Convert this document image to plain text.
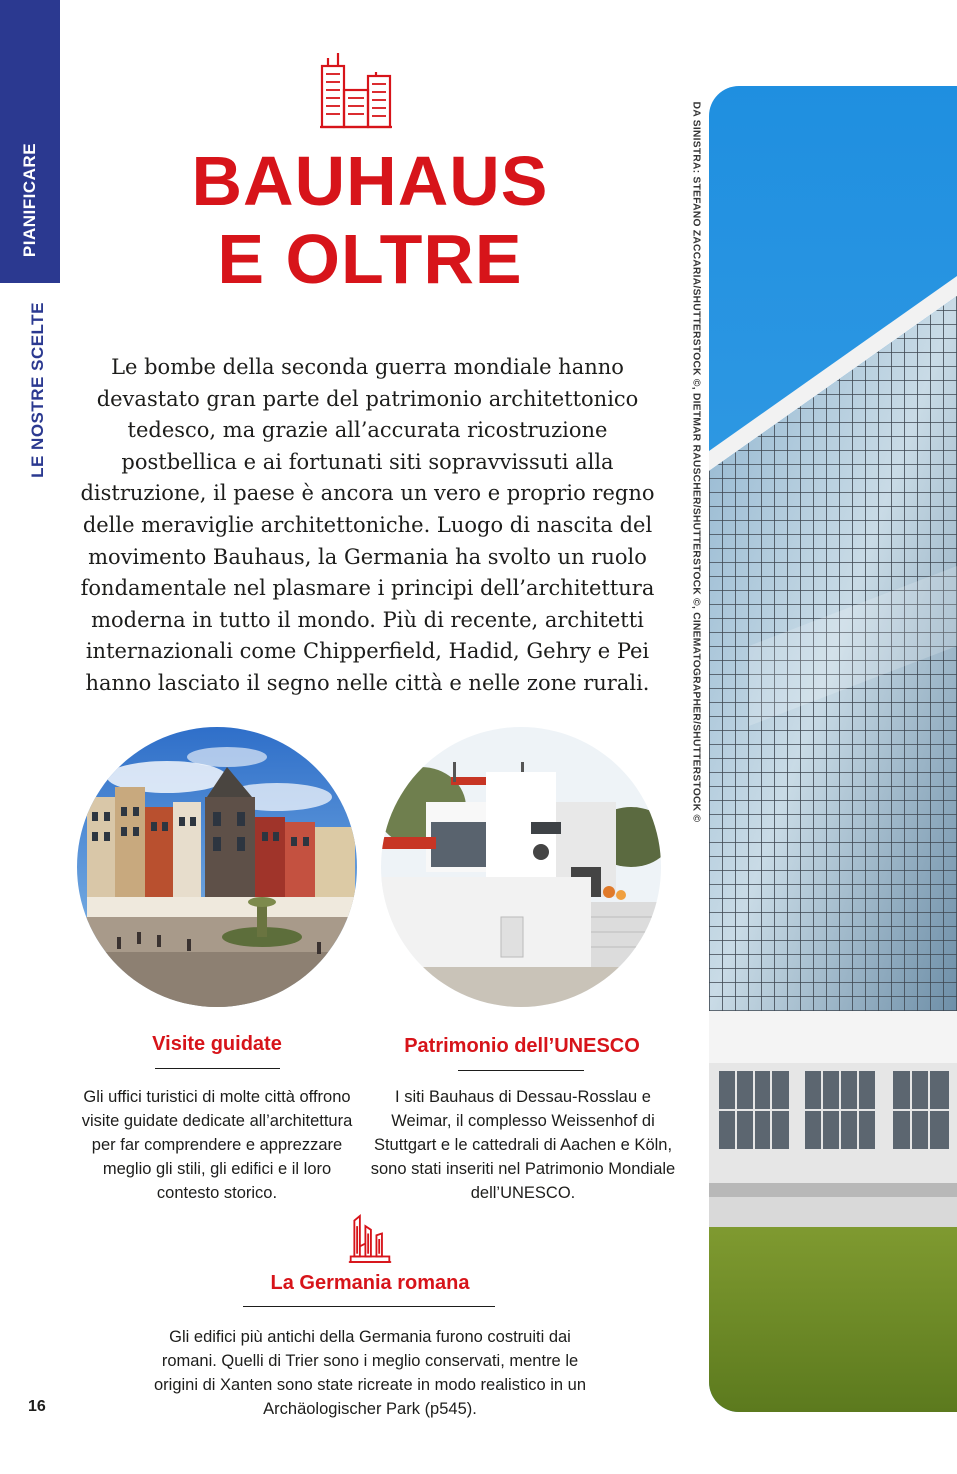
PIANIFICARE
LE NOSTRE SCELTE
BAUHAUS
E OLTRE
Le bombe della seconda guerra mondiale hanno devastato gran parte del patrimonio architettonico tedesco, ma grazie all’accurata ricostruzione postbellica e ai fortunati siti sopravvissuti alla distruzione, il paese è ancora un vero e proprio regno delle meraviglie architettoniche. Luogo di nascita del movimento Bauhaus, la Germania ha svolto un ruolo fondamentale nel plasmare i principi dell’architettura moderna in tutto il mondo. Più di recente, architetti internazionali come Chipperfield, Hadid, Gehry e Pei hanno lasciato il segno nelle città e nelle zone rurali.	DA SINISTRA: STEFANO ZACCARIA/SHUTTERSTOCK ©, DIETMAR RAUSCHER/SHUTTERSTOCK ©, CINEMATOGRAPHER/SHUTTERSTOCK ©
Visite guidate
Gli uffici turistici di molte città offrono visite guidate dedicate all’architettura per far comprendere e apprezzare meglio gli stili, gli edifici e il loro contesto storico.
Patrimonio dell’UNESCO
I siti Bauhaus di Dessau-Rosslau e Weimar, il complesso Weissenhof di Stuttgart e le cattedrali di Aachen e Köln, sono stati inseriti nel Patrimonio Mondiale dell’UNESCO.
La Germania romana
Gli edifici più antichi della Germania furono costruiti dai romani. Quelli di Trier sono i meglio conservati, mentre le origini di Xanten sono state ricreate in modo realistico in un Archäologischer Park (p545).
16
